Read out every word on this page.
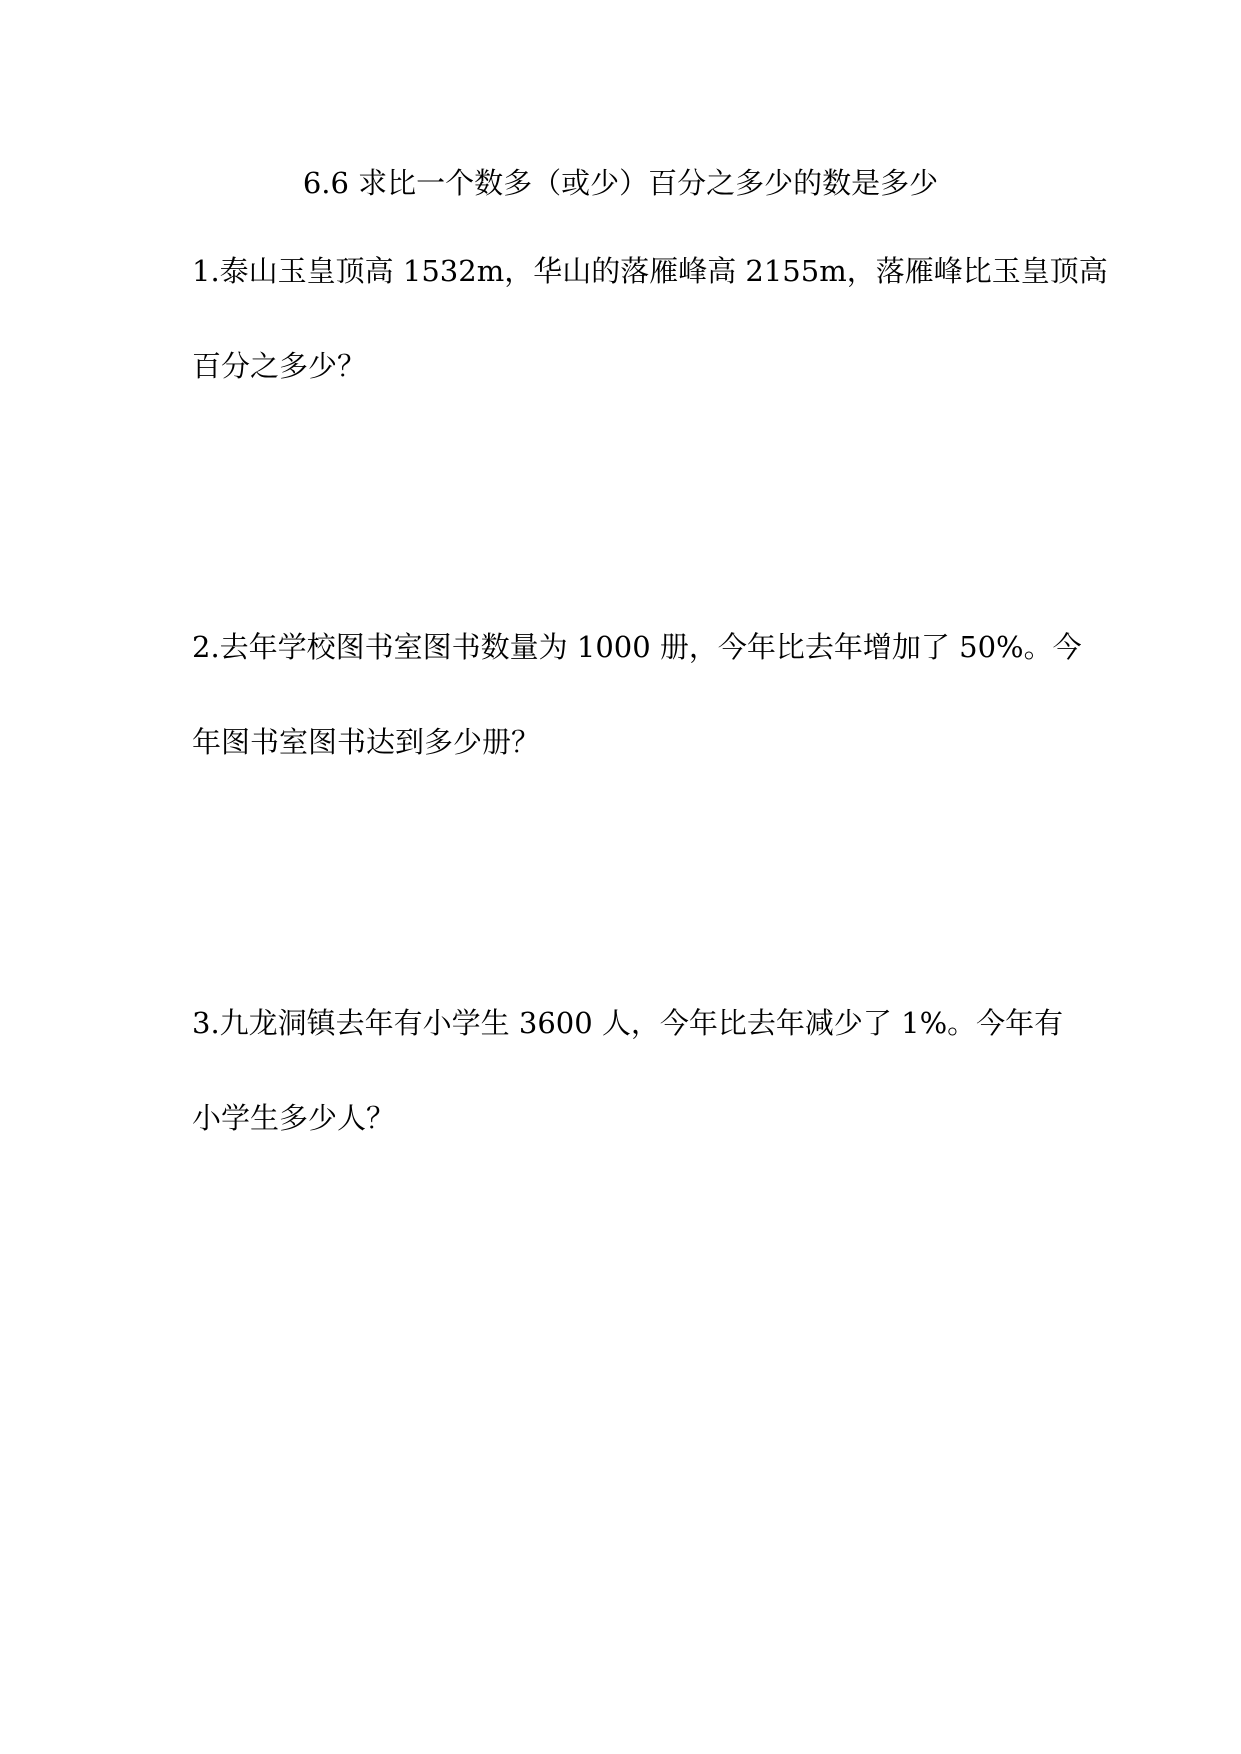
6.6 求比一个数多（或少）百分之多少的数是多少
1.泰山玉皇顶高 1532m，华山的落雁峰高 2155m，落雁峰比玉皇顶高
百分之多少？
2.去年学校图书室图书数量为 1000 册，今年比去年增加了 50%。今
年图书室图书达到多少册？
3.九龙洞镇去年有小学生 3600 人，今年比去年减少了 1%。今年有
小学生多少人？
